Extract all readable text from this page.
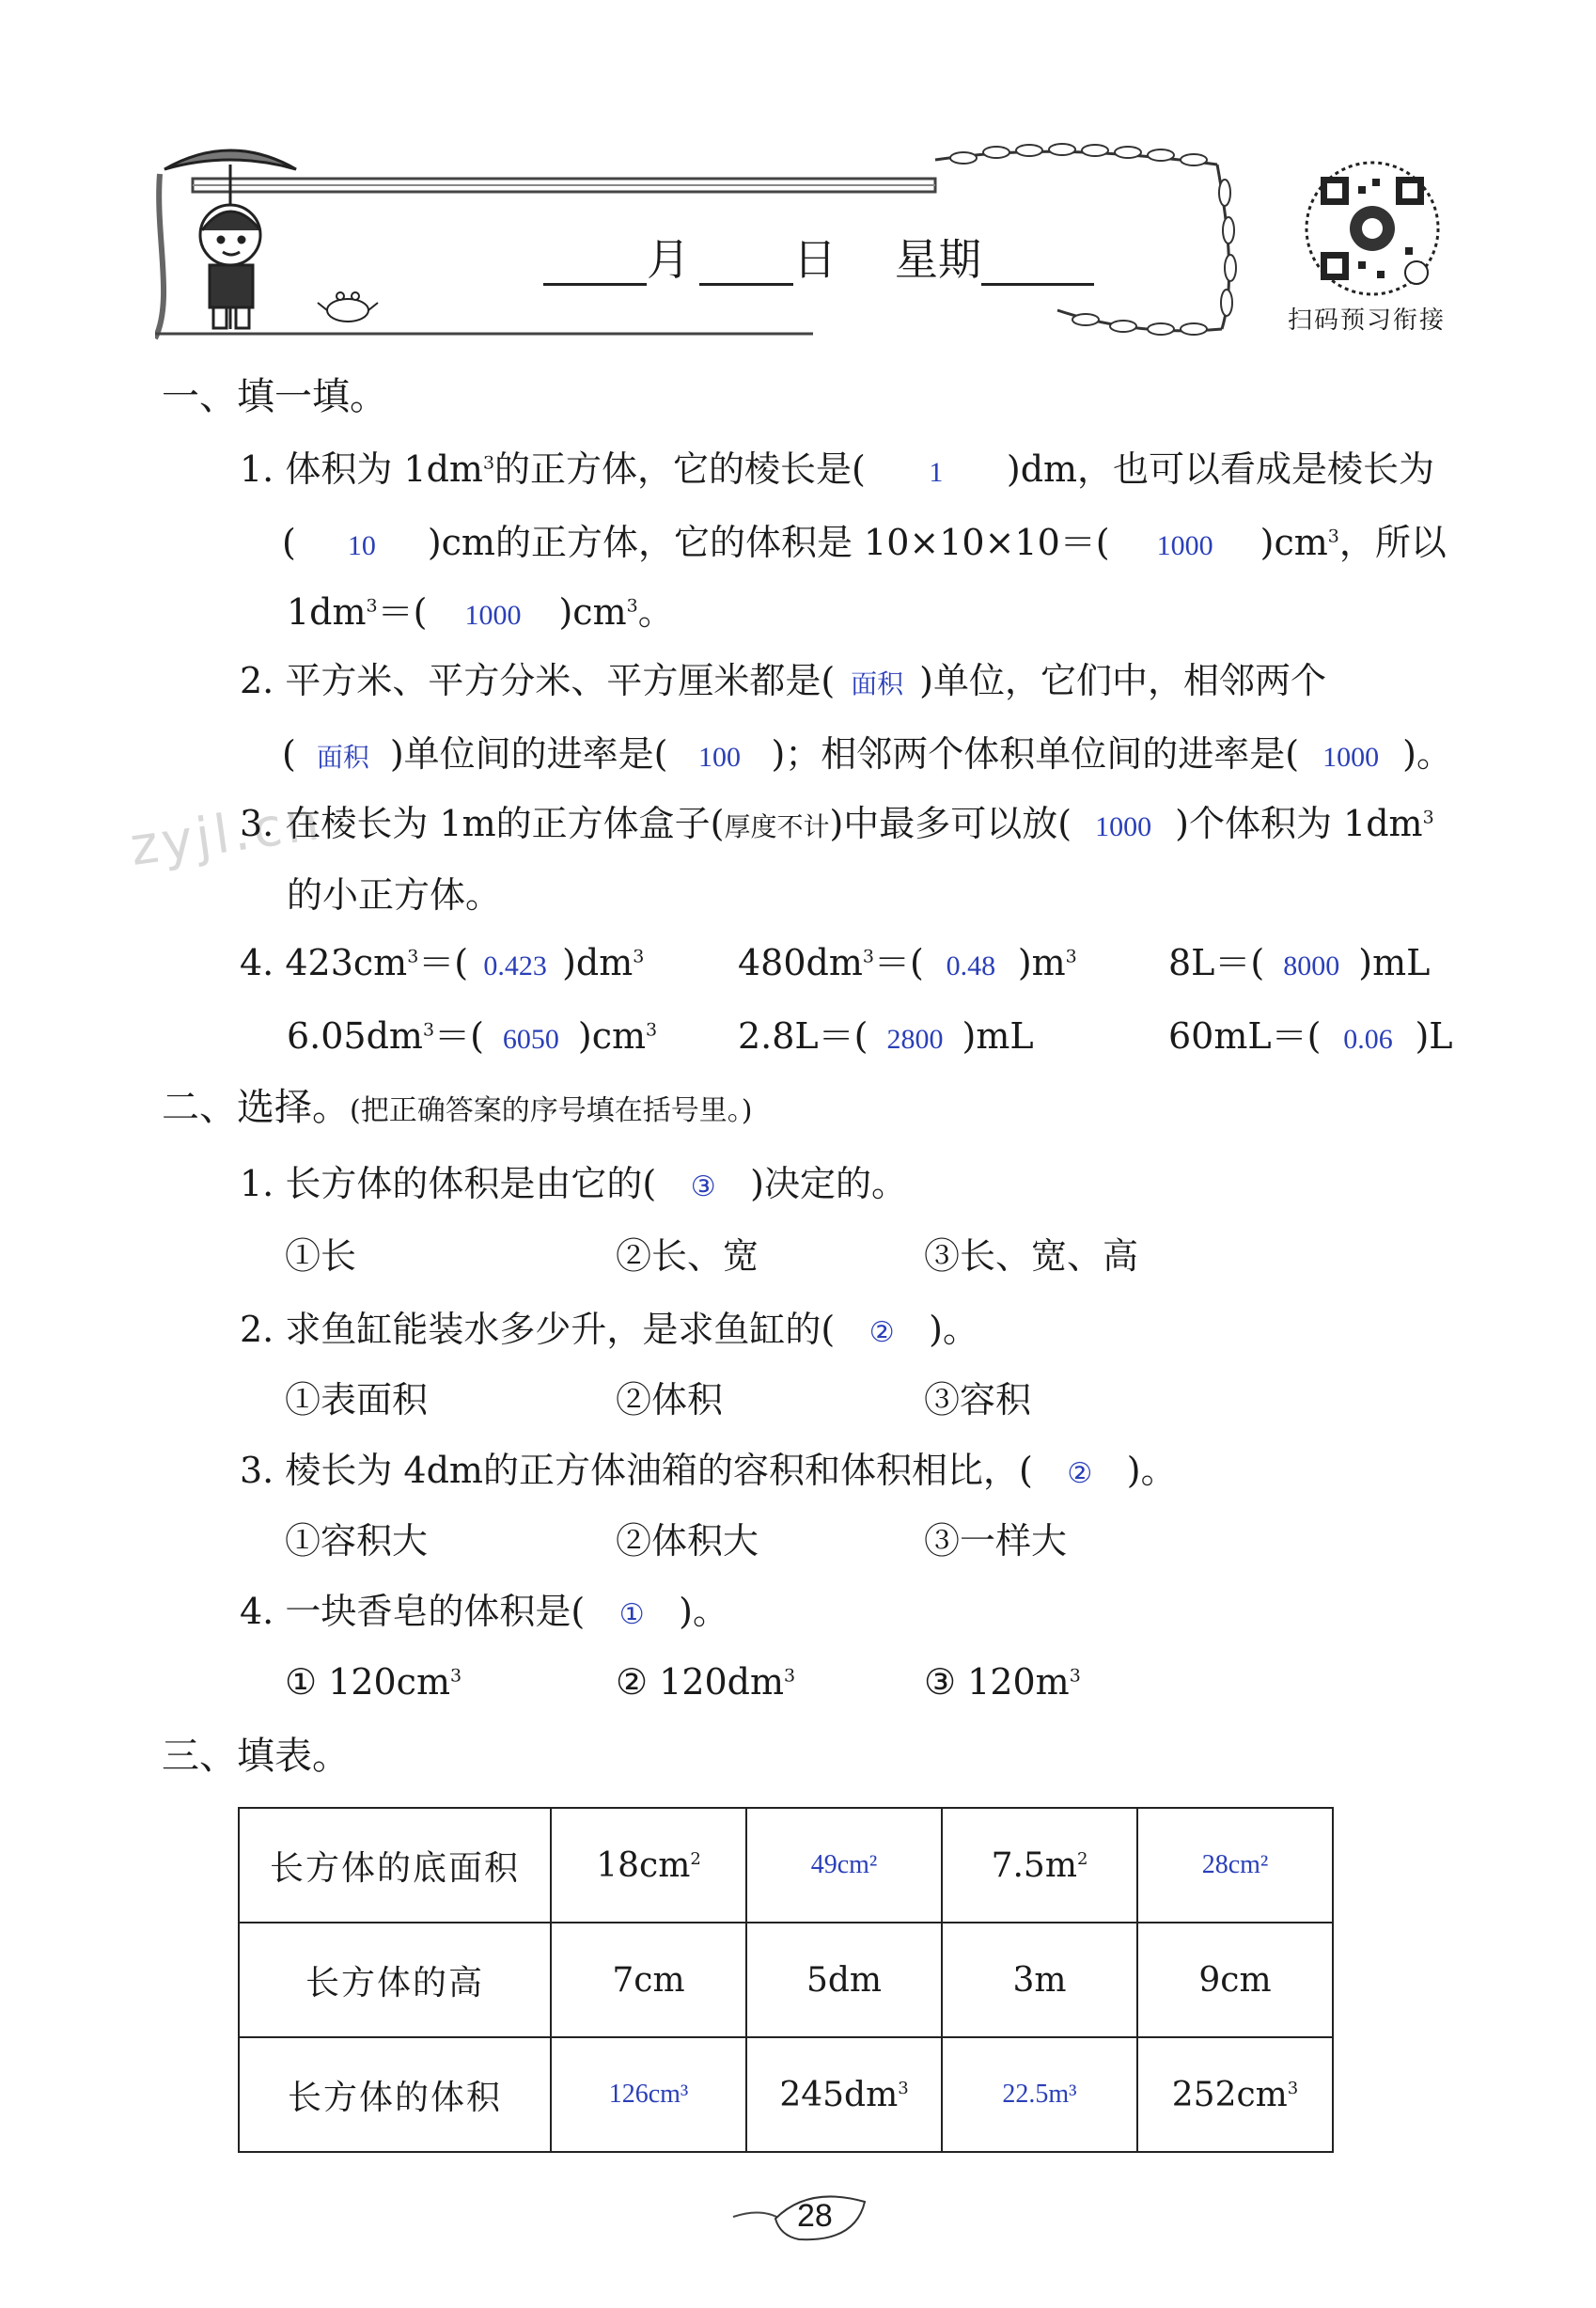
月 日 星期
扫码预习衔接
zyjl.cn
一、填一填。
1. 体积为 $1dm^3$的正方体，它的棱长是( 1 )dm，也可以看成是棱长为
( 10 )cm的正方体，它的体积是 10×10×10＝( 1000 )$cm^3$，所以
$1dm^3=$( 1000 )$cm^3$。
2. 平方米、平方分米、平方厘米都是( 面积 )单位，它们中，相邻两个
( 面积 )单位间的进率是( 100 )；相邻两个体积单位间的进率是( 1000 )。
3. 在棱长为 1m的正方体盒子(厚度不计)中最多可以放( 1000 )个体积为 $1dm^3$
的小正方体。
4. $423cm^3=$( 0.423 )$dm^3$	$480dm^3=$( 0.48 )$m^3$	8L＝( 8000 )mL
$6.05dm^3=$( 6050 )$cm^3$ 2.8L＝( 2800 )mL	60mL＝( 0.06 )L
二、选择。(把正确答案的序号填在括号里。)
1. 长方体的体积是由它的( ③ )决定的。
①长	②长、宽	③长、宽、高
2. 求鱼缸能装水多少升，是求鱼缸的( ② )。
①表面积	②体积	③容积
3. 棱长为 4dm的正方体油箱的容积和体积相比，( ② )。
①容积大	②体积大	③一样大
4. 一块香皂的体积是( ① )。
① $120cm^3$	② $120dm^3$	③ $120m^3$
三、填表。
长方体的底面积	$18cm^2$	49cm²	$7.5m^2$	28cm²
长方体的高	7cm	5dm	3m	9cm
长方体的体积	126cm³	$245dm^3$	22.5m³	$252cm^3$
28
